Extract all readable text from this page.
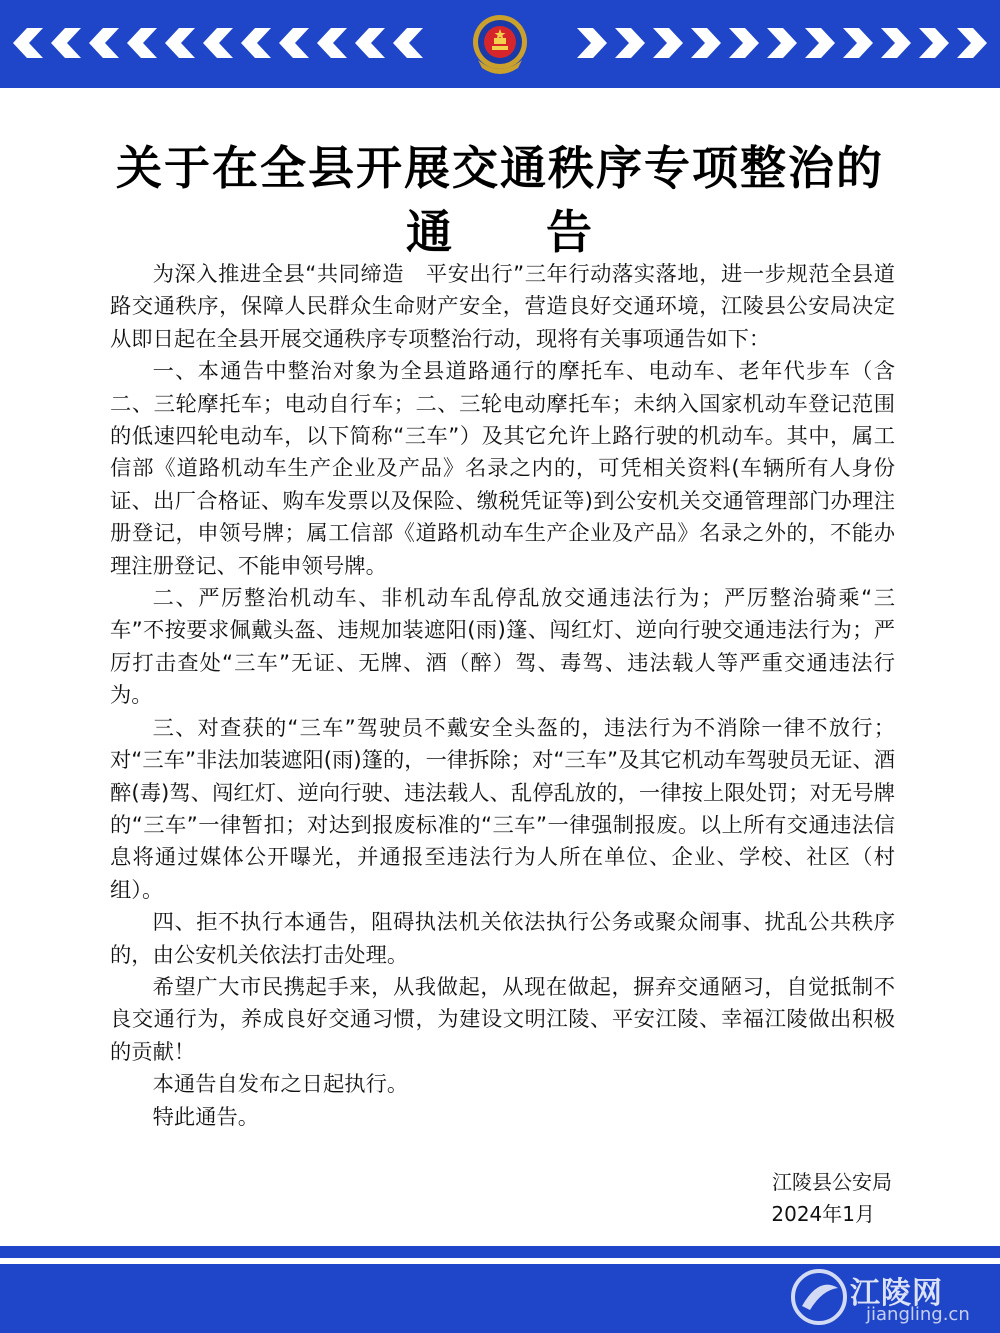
关于在全县开展交通秩序专项整治的
通 告

为深入推进全县“共同缔造　平安出行”三年行动落实落地，进一步规范全县道路交通秩序，保障人民群众生命财产安全，营造良好交通环境，江陵县公安局决定从即日起在全县开展交通秩序专项整治行动，现将有关事项通告如下：

一、本通告中整治对象为全县道路通行的摩托车、电动车、老年代步车（含二、三轮摩托车；电动自行车；二、三轮电动摩托车；未纳入国家机动车登记范围的低速四轮电动车，以下简称“三车”）及其它允许上路行驶的机动车。其中，属工信部《道路机动车生产企业及产品》名录之内的，可凭相关资料(车辆所有人身份证、出厂合格证、购车发票以及保险、缴税凭证等)到公安机关交通管理部门办理注册登记，申领号牌；属工信部《道路机动车生产企业及产品》名录之外的，不能办理注册登记、不能申领号牌。

二、严厉整治机动车、非机动车乱停乱放交通违法行为；严厉整治骑乘“三车”不按要求佩戴头盔、违规加装遮阳(雨)篷、闯红灯、逆向行驶交通违法行为；严厉打击查处“三车”无证、无牌、酒（醉）驾、毒驾、违法载人等严重交通违法行为。

三、对查获的“三车”驾驶员不戴安全头盔的，违法行为不消除一律不放行；对“三车”非法加装遮阳(雨)篷的，一律拆除；对“三车”及其它机动车驾驶员无证、酒醉(毒)驾、闯红灯、逆向行驶、违法载人、乱停乱放的，一律按上限处罚；对无号牌的“三车”一律暂扣；对达到报废标准的“三车”一律强制报废。以上所有交通违法信息将通过媒体公开曝光，并通报至违法行为人所在单位、企业、学校、社区（村组）。

四、拒不执行本通告，阻碍执法机关依法执行公务或聚众闹事、扰乱公共秩序的，由公安机关依法打击处理。

希望广大市民携起手来，从我做起，从现在做起，摒弃交通陋习，自觉抵制不良交通行为，养成良好交通习惯，为建设文明江陵、平安江陵、幸福江陵做出积极的贡献！

本通告自发布之日起执行。

特此通告。

江陵县公安局
2024年1月
江陵网
jiangling.cn
